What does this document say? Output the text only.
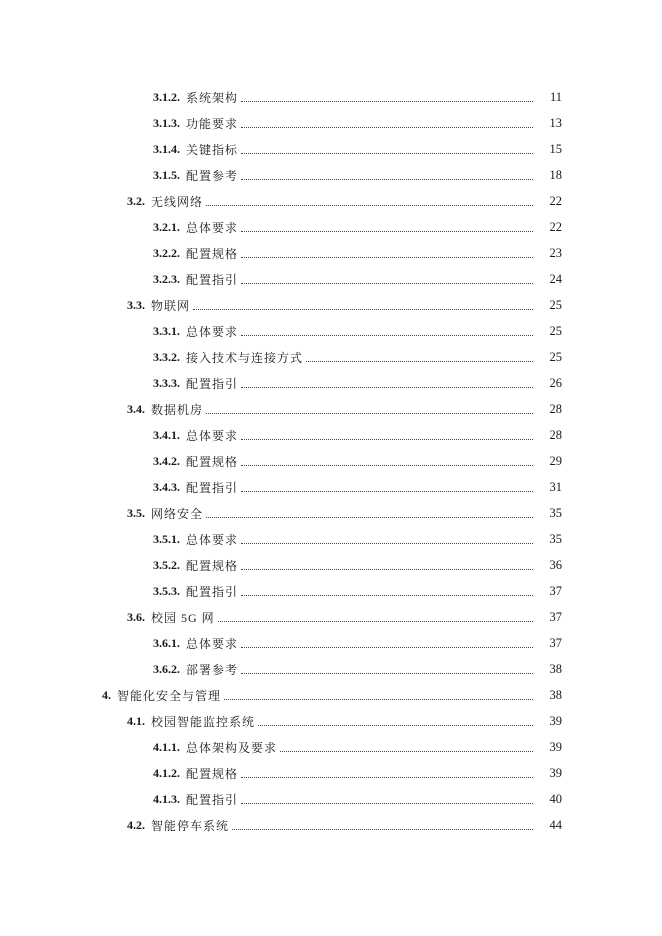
3.1.2. 系统架构	11
3.1.3. 功能要求	13
3.1.4. 关键指标	15
3.1.5. 配置参考	18
3.2. 无线网络	22
3.2.1. 总体要求	22
3.2.2. 配置规格	23
3.2.3. 配置指引	24
3.3. 物联网	25
3.3.1. 总体要求	25
3.3.2. 接入技术与连接方式	25
3.3.3. 配置指引	26
3.4. 数据机房	28
3.4.1. 总体要求	28
3.4.2. 配置规格	29
3.4.3. 配置指引	31
3.5. 网络安全	35
3.5.1. 总体要求	35
3.5.2. 配置规格	36
3.5.3. 配置指引	37
3.6. 校园 5G 网	37
3.6.1. 总体要求	37
3.6.2. 部署参考	38
4. 智能化安全与管理	38
4.1. 校园智能监控系统	39
4.1.1. 总体架构及要求	39
4.1.2. 配置规格	39
4.1.3. 配置指引	40
4.2. 智能停车系统	44
